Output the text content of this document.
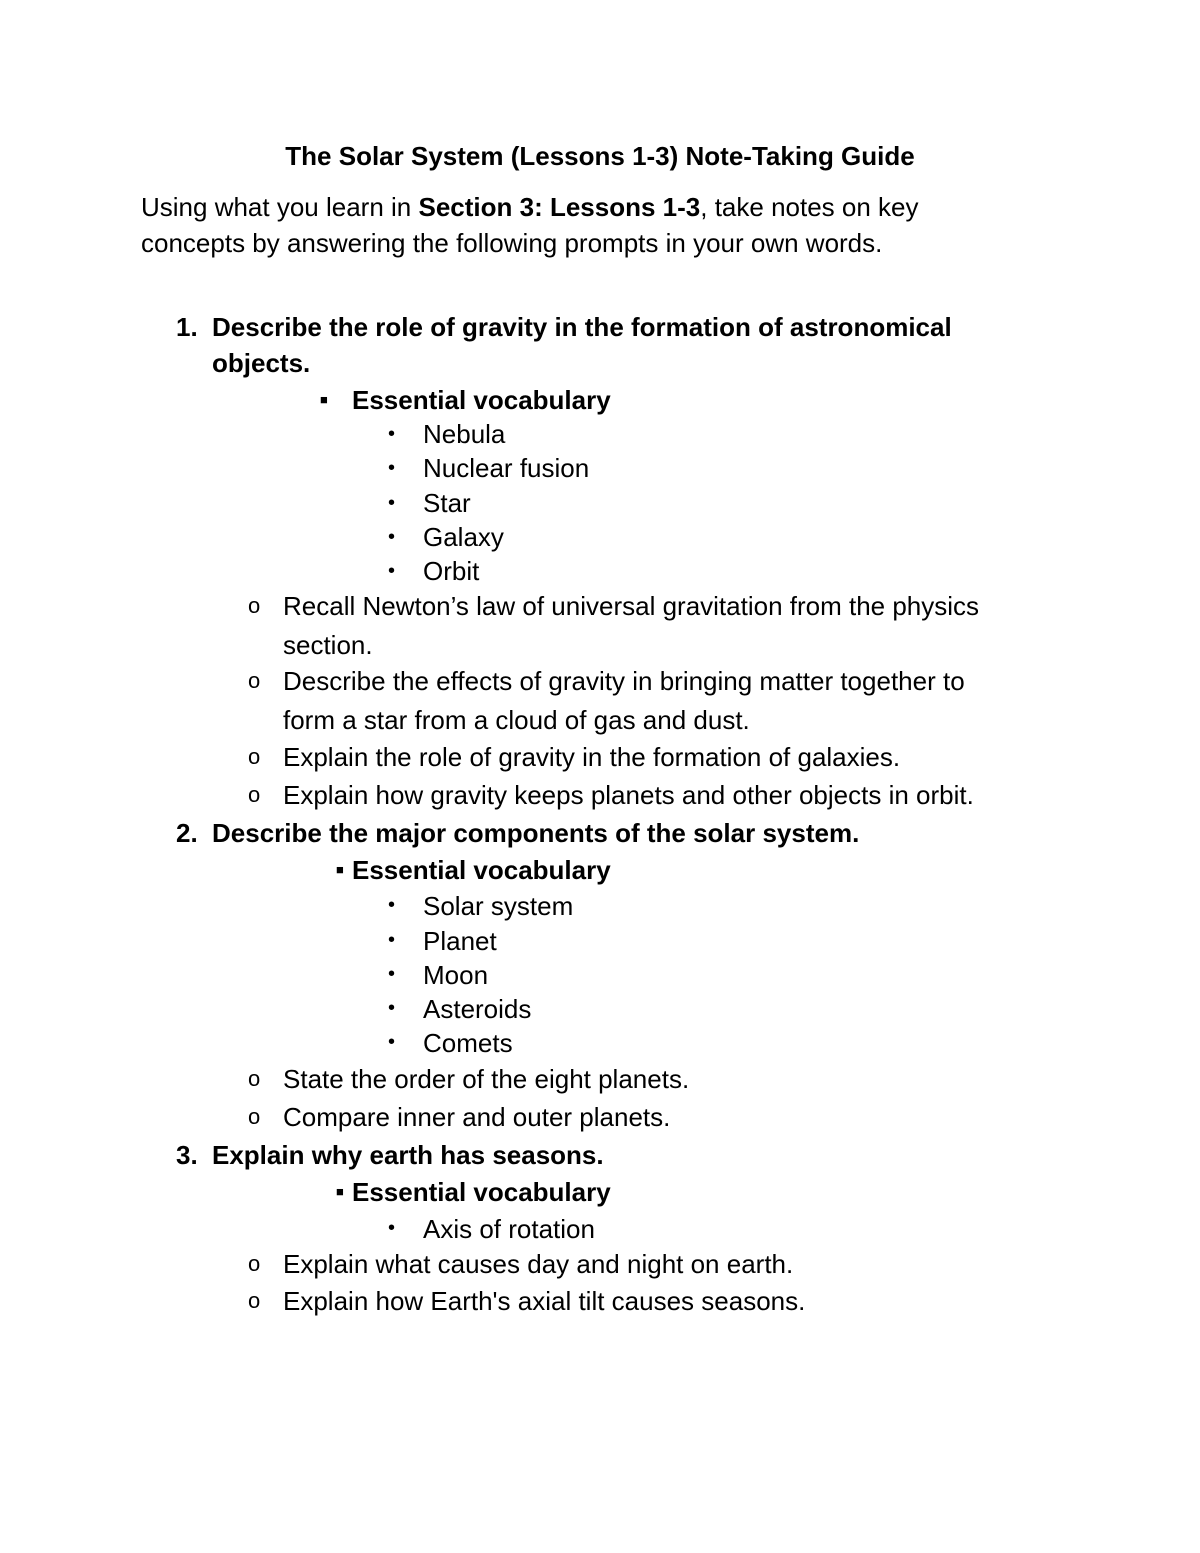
The Solar System (Lessons 1-3) Note-Taking Guide
Using what you learn in Section 3: Lessons 1-3, take notes on key
concepts by answering the following prompts in your own words.
1. Describe the role of gravity in the formation of astronomical
objects.
■ Essential vocabulary
• Nebula
• Nuclear fusion
• Star
• Galaxy
• Orbit
o Recall Newton’s law of universal gravitation from the physics
section.
o Describe the effects of gravity in bringing matter together to
form a star from a cloud of gas and dust.
o Explain the role of gravity in the formation of galaxies.
o Explain how gravity keeps planets and other objects in orbit.
2. Describe the major components of the solar system.
■ Essential vocabulary
• Solar system
• Planet
• Moon
• Asteroids
• Comets
o State the order of the eight planets.
o Compare inner and outer planets.
3. Explain why earth has seasons.
■ Essential vocabulary
• Axis of rotation
o Explain what causes day and night on earth.
o Explain how Earth's axial tilt causes seasons.
